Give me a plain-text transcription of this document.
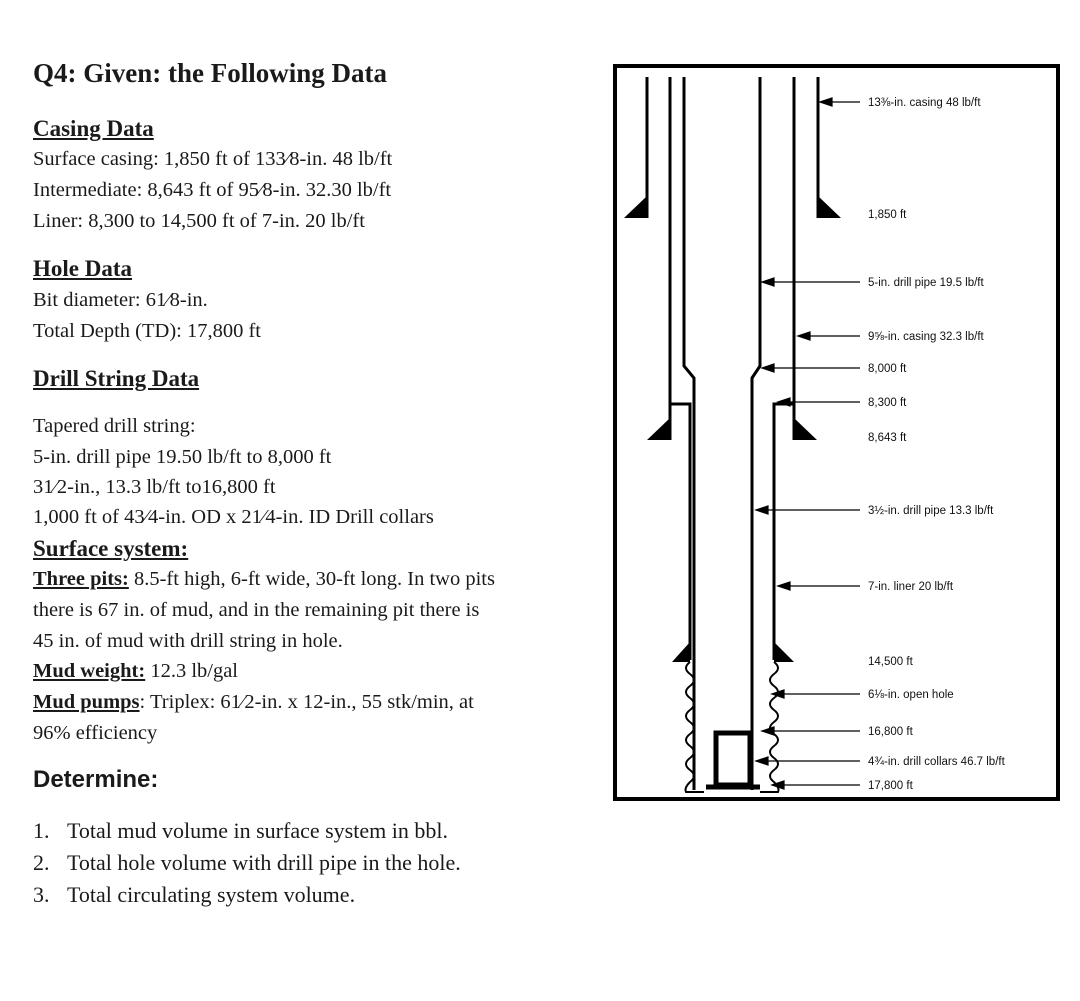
Q4: Given: the Following Data
Casing Data
Surface casing: 1,850 ft of 133⁄8-in. 48 lb/ft
Intermediate: 8,643 ft of 95⁄8-in. 32.30 lb/ft
Liner: 8,300 to 14,500 ft of 7-in. 20 lb/ft
Hole Data
Bit diameter: 61⁄8-in.
Total Depth (TD): 17,800 ft
Drill String Data
Tapered drill string:
5-in. drill pipe 19.50 lb/ft to 8,000 ft
31⁄2-in., 13.3 lb/ft to16,800 ft
1,000 ft of 43⁄4-in. OD x 21⁄4-in. ID Drill collars
Surface system:
Three pits: 8.5-ft high, 6-ft wide, 30-ft long. In two pits
there is 67 in. of mud, and in the remaining pit there is
45 in. of mud with drill string in hole.
Mud weight: 12.3 lb/gal
Mud pumps: Triplex: 61⁄2-in. x 12-in., 55 stk/min, at
96% efficiency
Determine:
1. Total mud volume in surface system in bbl.
2. Total hole volume with drill pipe in the hole.
3. Total circulating system volume.
13⅜-in. casing 48 lb/ft
1,850 ft
5-in. drill pipe 19.5 lb/ft
9⅝-in. casing 32.3 lb/ft
8,000 ft
8,300 ft
8,643 ft
3½-in. drill pipe 13.3 lb/ft
7-in. liner 20 lb/ft
14,500 ft
6⅛-in. open hole
16,800 ft
4¾-in. drill collars 46.7 lb/ft
17,800 ft
